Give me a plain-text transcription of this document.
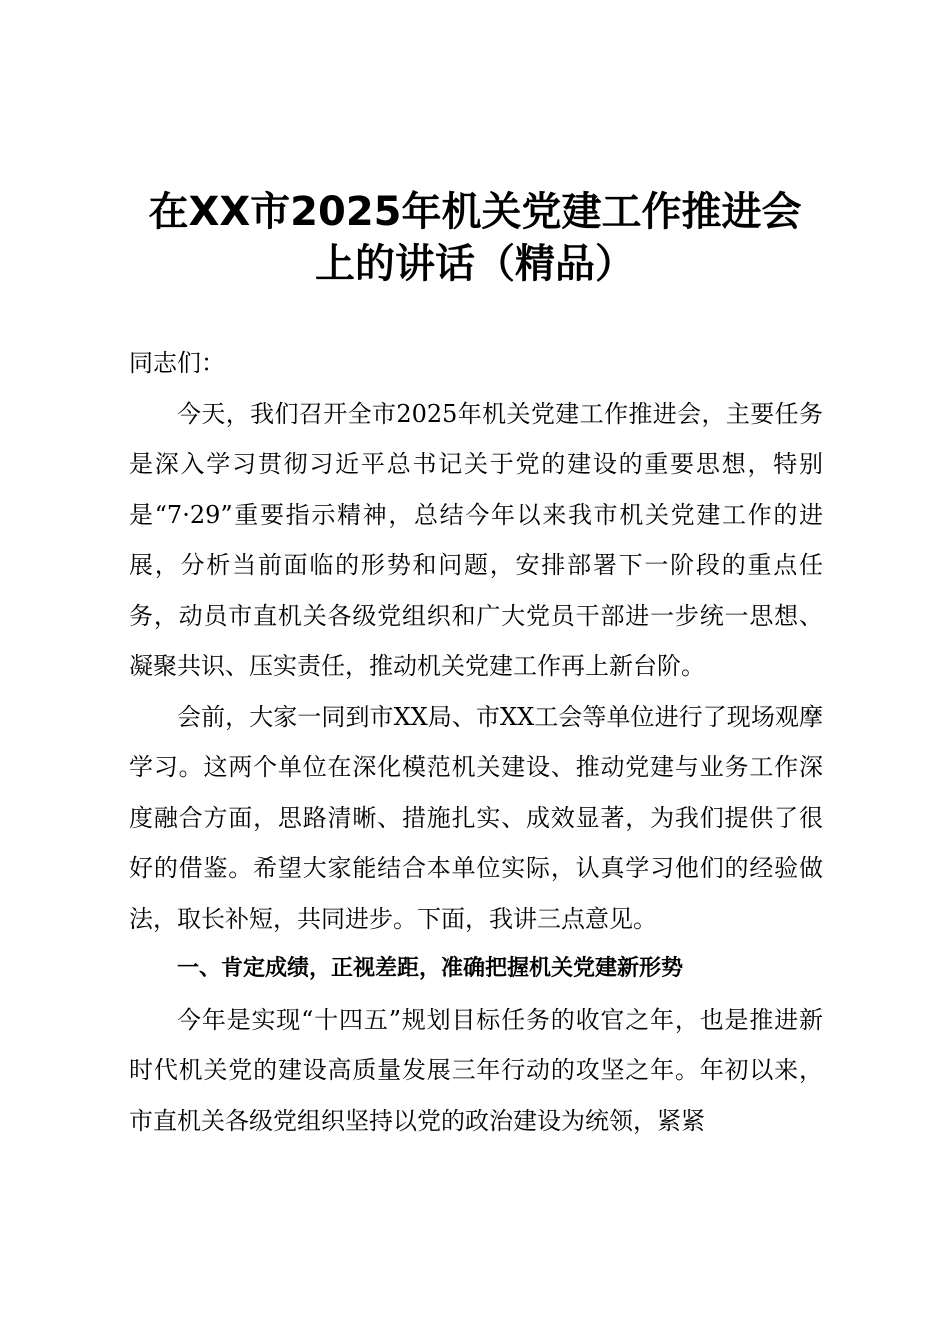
在XX市2025年机关党建工作推进会
上的讲话（精品）

同志们：

今天，我们召开全市2025年机关党建工作推进会，主要任务是深入学习贯彻习近平总书记关于党的建设的重要思想，特别是“7·29”重要指示精神，总结今年以来我市机关党建工作的进展，分析当前面临的形势和问题，安排部署下一阶段的重点任务，动员市直机关各级党组织和广大党员干部进一步统一思想、凝聚共识、压实责任，推动机关党建工作再上新台阶。

会前，大家一同到市XX局、市XX工会等单位进行了现场观摩学习。这两个单位在深化模范机关建设、推动党建与业务工作深度融合方面，思路清晰、措施扎实、成效显著，为我们提供了很好的借鉴。希望大家能结合本单位实际，认真学习他们的经验做法，取长补短，共同进步。下面，我讲三点意见。

一、肯定成绩，正视差距，准确把握机关党建新形势

今年是实现“十四五”规划目标任务的收官之年，也是推进新时代机关党的建设高质量发展三年行动的攻坚之年。年初以来，市直机关各级党组织坚持以党的政治建设为统领，紧紧
